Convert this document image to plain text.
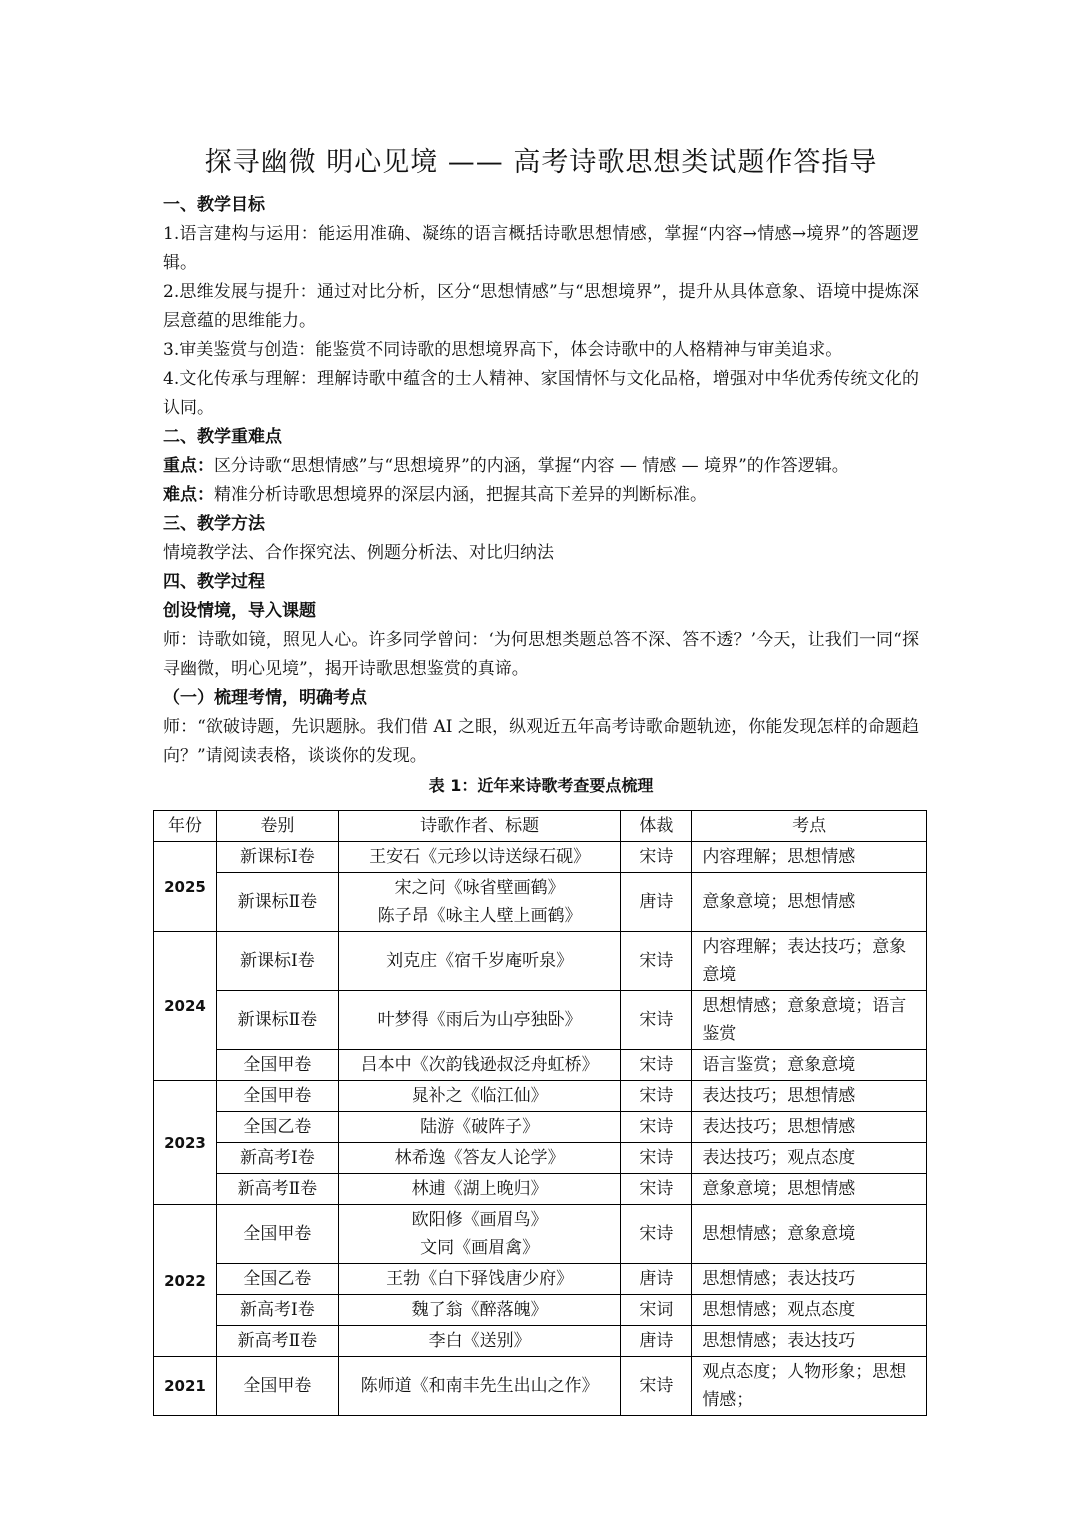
探寻幽微 明心见境 —— 高考诗歌思想类试题作答指导

一、教学目标

1.语言建构与运用：能运用准确、凝练的语言概括诗歌思想情感，掌握“内容→情感→境界”的答题逻辑。

2.思维发展与提升：通过对比分析，区分“思想情感”与“思想境界”，提升从具体意象、语境中提炼深层意蕴的思维能力。

3.审美鉴赏与创造：能鉴赏不同诗歌的思想境界高下，体会诗歌中的人格精神与审美追求。

4.文化传承与理解：理解诗歌中蕴含的士人精神、家国情怀与文化品格，增强对中华优秀传统文化的认同。

二、教学重难点

重点：区分诗歌“思想情感”与“思想境界”的内涵，掌握“内容 — 情感 — 境界”的作答逻辑。

难点：精准分析诗歌思想境界的深层内涵，把握其高下差异的判断标准。

三、教学方法

情境教学法、合作探究法、例题分析法、对比归纳法

四、教学过程

创设情境，导入课题

师：诗歌如镜，照见人心。许多同学曾问：‘为何思想类题总答不深、答不透？’今天，让我们一同“探寻幽微，明心见境”，揭开诗歌思想鉴赏的真谛。

（一）梳理考情，明确考点

师：“欲破诗题，先识题脉。我们借 AI 之眼，纵观近五年高考诗歌命题轨迹，你能发现怎样的命题趋向？”请阅读表格，谈谈你的发现。

表 1：近年来诗歌考查要点梳理

年份	卷别	诗歌作者、标题	体裁	考点
2025	新课标Ⅰ卷	王安石《元珍以诗送绿石砚》	宋诗	内容理解；思想情感
	新课标Ⅱ卷	宋之问《咏省壁画鹤》
陈子昂《咏主人壁上画鹤》	唐诗	意象意境；思想情感
2024	新课标Ⅰ卷	刘克庄《宿千岁庵听泉》	宋诗	内容理解；表达技巧；意象意境
	新课标Ⅱ卷	叶梦得《雨后为山亭独卧》	宋诗	思想情感；意象意境；语言鉴赏
	全国甲卷	吕本中《次韵钱逊叔泛舟虹桥》	宋诗	语言鉴赏；意象意境
2023	全国甲卷	晁补之《临江仙》	宋诗	表达技巧；思想情感
	全国乙卷	陆游《破阵子》	宋诗	表达技巧；思想情感
	新高考Ⅰ卷	林希逸《答友人论学》	宋诗	表达技巧；观点态度
	新高考Ⅱ卷	林逋《湖上晚归》	宋诗	意象意境；思想情感
2022	全国甲卷	欧阳修《画眉鸟》
文同《画眉禽》	宋诗	思想情感；意象意境
	全国乙卷	王勃《白下驿饯唐少府》	唐诗	思想情感；表达技巧
	新高考Ⅰ卷	魏了翁《醉落魄》	宋词	思想情感；观点态度
	新高考Ⅱ卷	李白《送别》	唐诗	思想情感；表达技巧
2021	全国甲卷	陈师道《和南丰先生出山之作》	宋诗	观点态度；人物形象；思想情感；
